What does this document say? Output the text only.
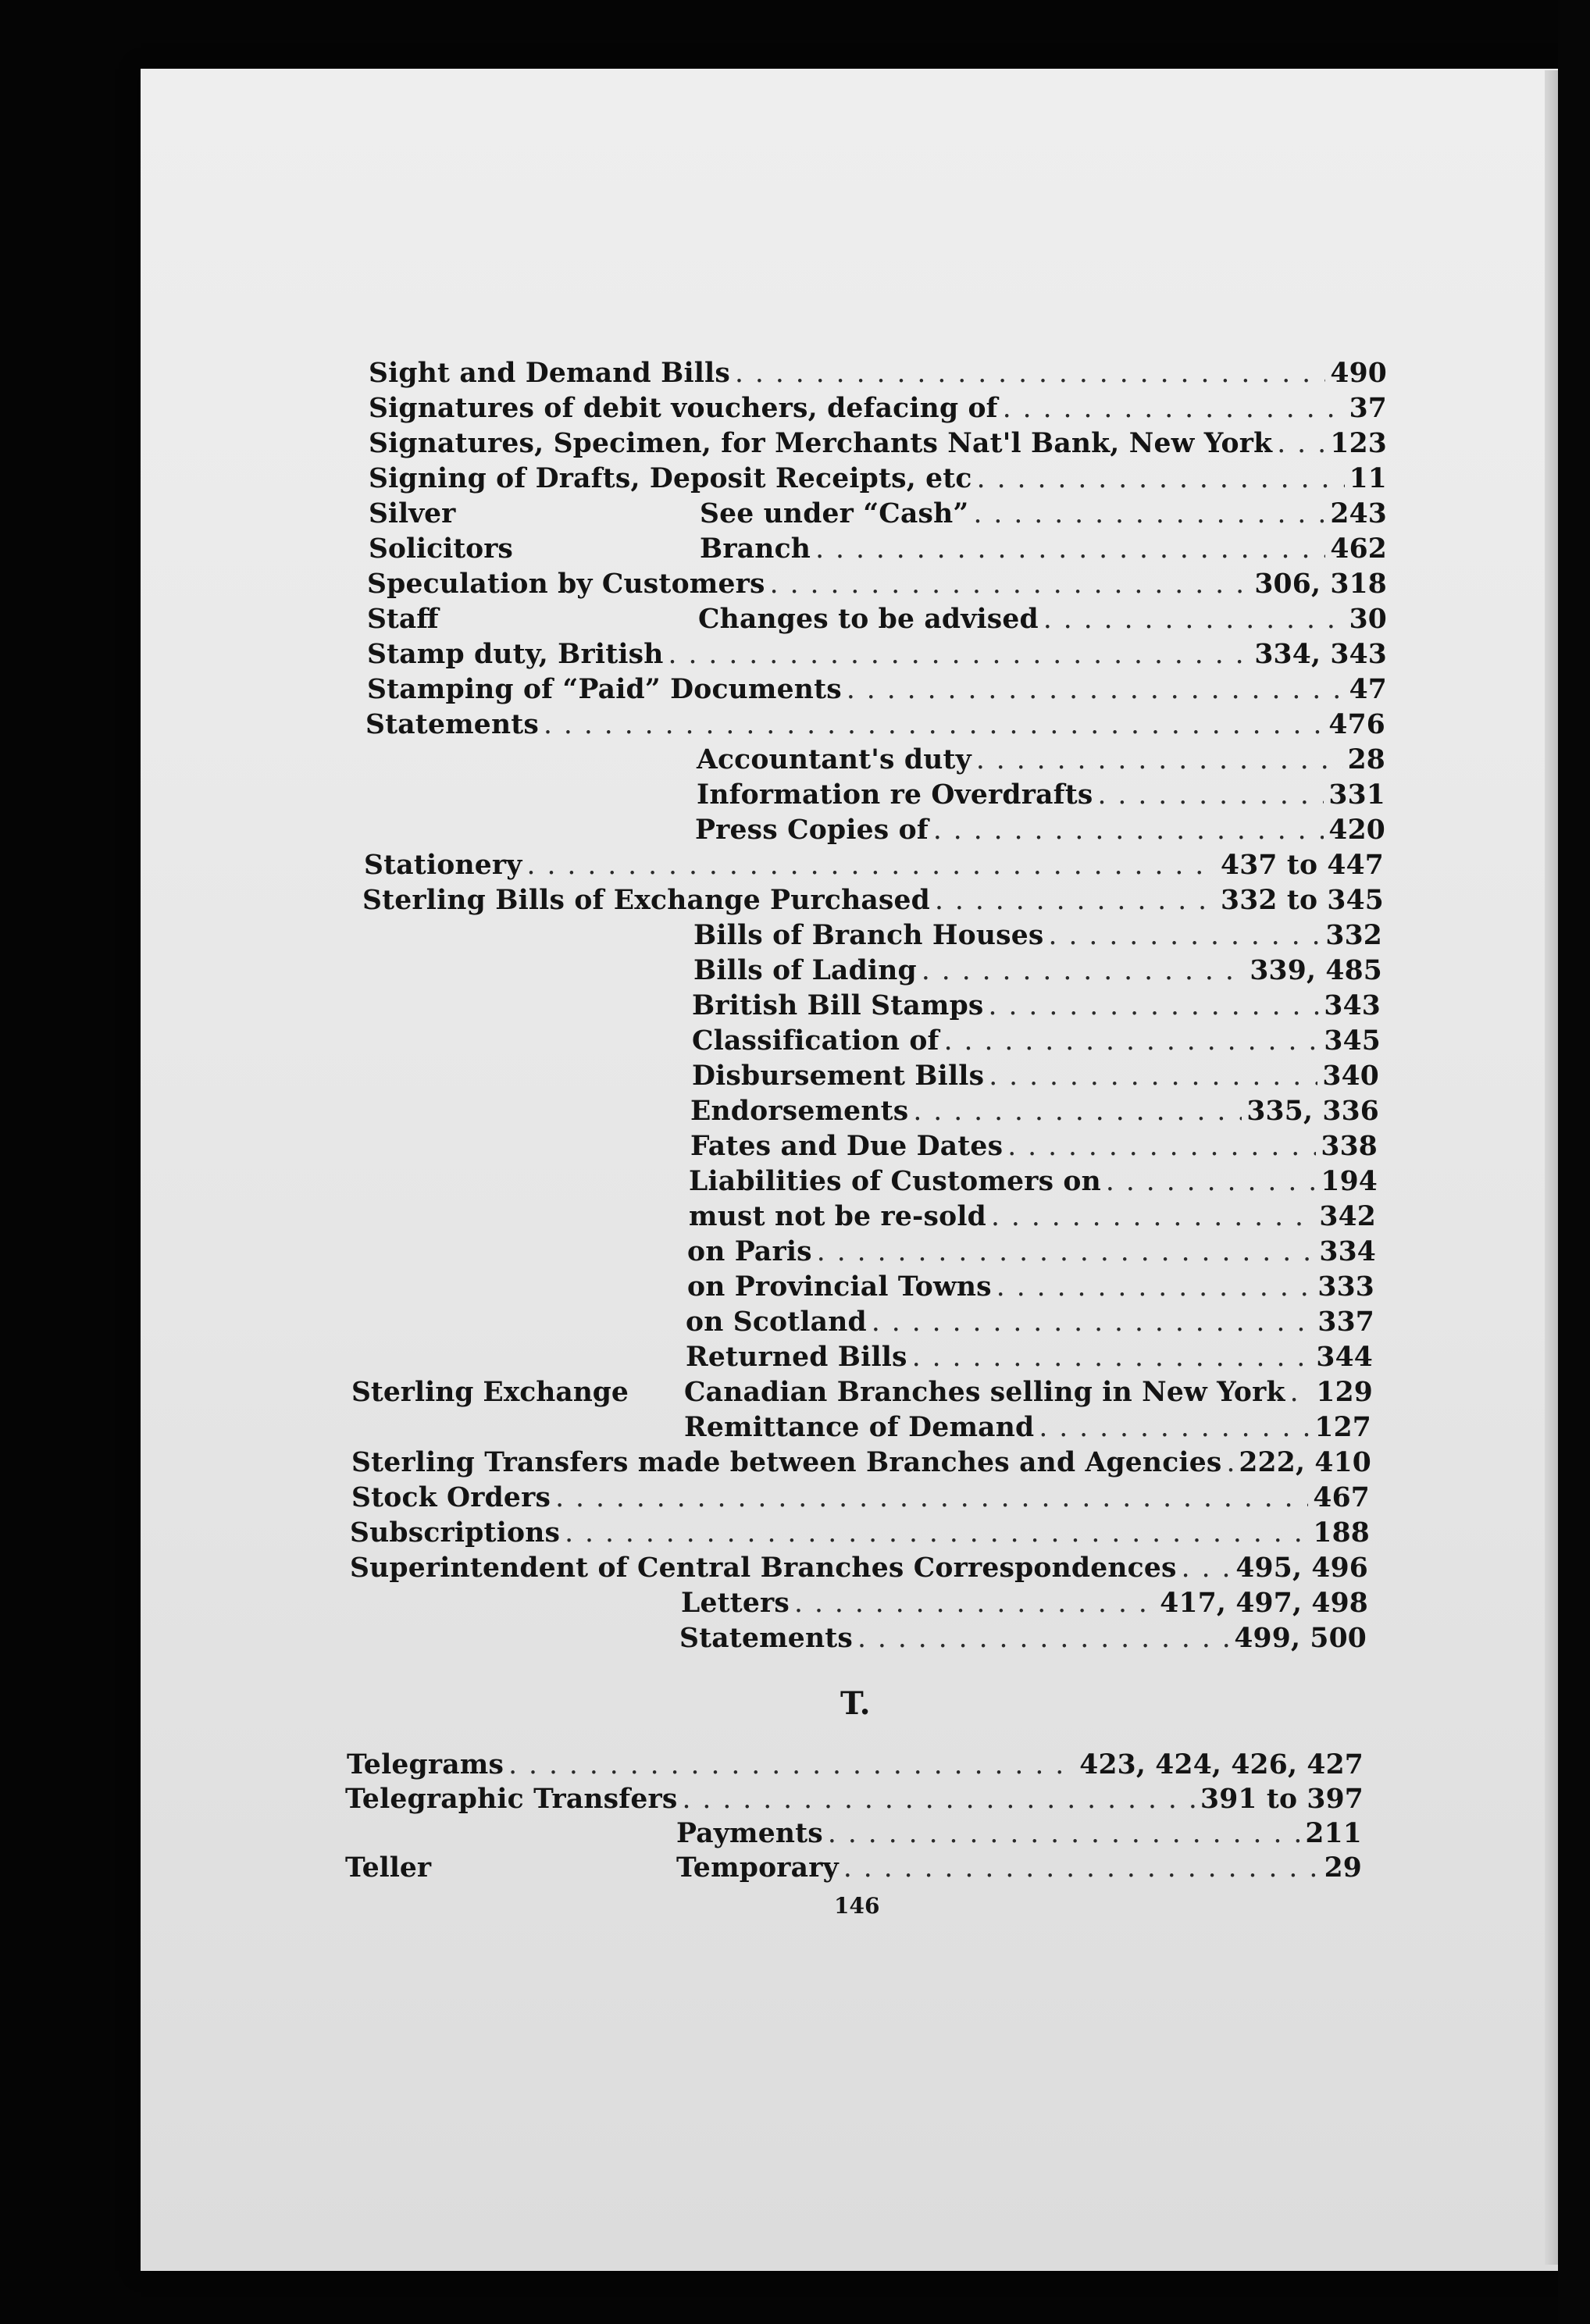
Sight and Demand Bills . . .	490
Signatures of debit vouchers, defacing of . . .	37
Signatures, Specimen, for Merchants Nat'l Bank, New York . . . 123
Signing of Drafts, Deposit Receipts, etc . . .	11
Silver	See under “Cash” . . .	243
Solicitors	Branch . . .	462
Speculation by Customers . . .	306, 318
Staff	Changes to be advised . . .	30
Stamp duty, British . . .	334, 343
Stamping of “Paid” Documents . . .	47
Statements . . .	476
Accountant's duty . . .	28
Information re Overdrafts . . .	331
Press Copies of . . .	420
Stationery . . .	437 to 447
Sterling Bills of Exchange Purchased . . .	332 to 345
Bills of Branch Houses . . .	332
Bills of Lading . . .	339, 485
British Bill Stamps . . .	343
Classification of . . .	345
Disbursement Bills . . .	340
Endorsements . . .	335, 336
Fates and Due Dates . . .	338
Liabilities of Customers on . . .	194
must not be re-sold . . .	342
on Paris . . .	334
on Provincial Towns . . .	333
on Scotland . . .	337
Returned Bills . . .	344
Sterling Exchange Canadian Branches selling in New York . . . 129
Remittance of Demand . . .	127
Sterling Transfers made between Branches and Agencies . . . 222, 410
Stock Orders . . .	467
Subscriptions . . .	188
Superintendent of Central Branches Correspondences . . . 495, 496
Letters . . .	417, 497, 498
Statements . . .	499, 500
T.
Telegrams . . .	423, 424, 426, 427
Telegraphic Transfers . . .	391 to 397
Payments . . .	211
Teller	Temporary . . .	29
146
